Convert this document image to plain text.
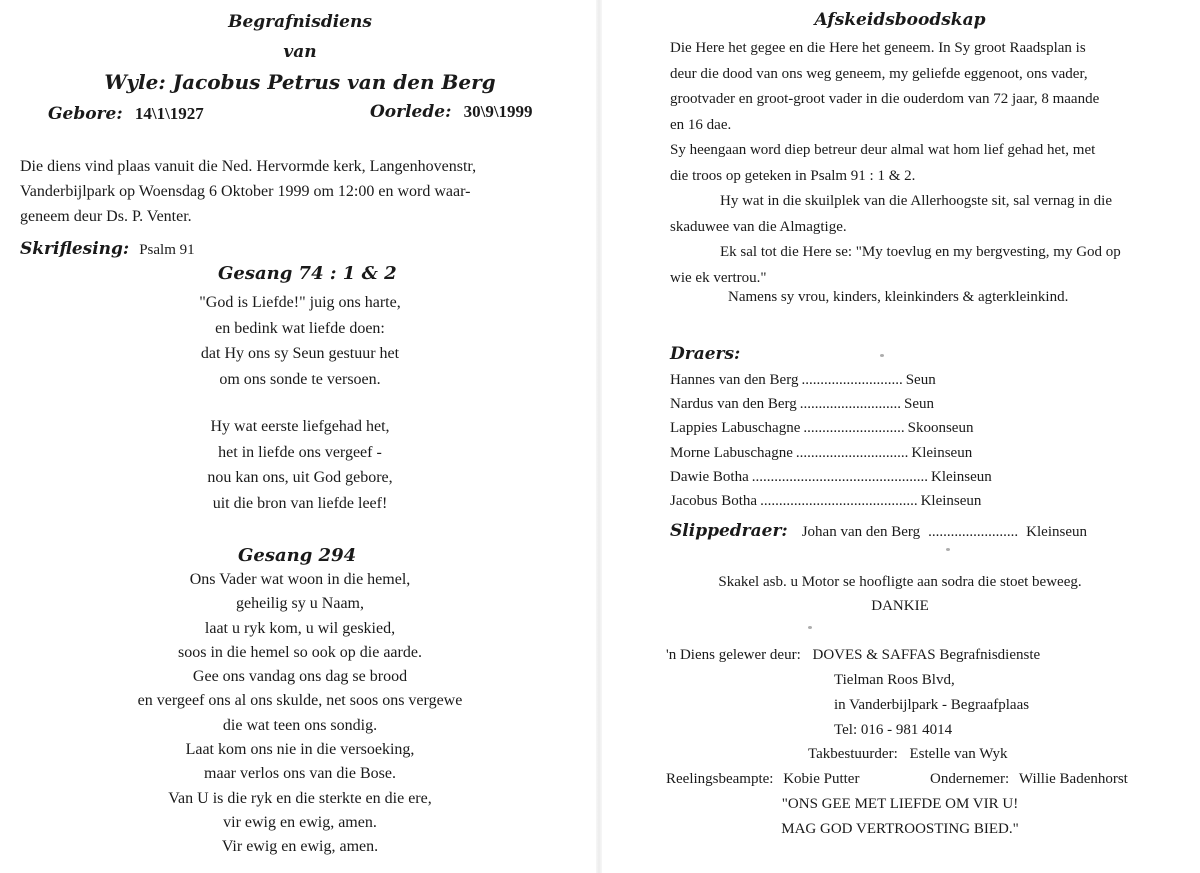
Begrafnisdiens
van
Wyle: Jacobus Petrus van den Berg
Gebore: 14\1\1927	Oorlede: 30\9\1999
Die diens vind plaas vanuit die Ned. Hervormde kerk, Langenhovenstr,
Vanderbijlpark op Woensdag 6 Oktober 1999 om 12:00 en word waar-
geneem deur Ds. P. Venter.
Skriflesing: Psalm 91
Gesang 74 : 1 & 2
"God is Liefde!" juig ons harte,
en bedink wat liefde doen:
dat Hy ons sy Seun gestuur het
om ons sonde te versoen.
Hy wat eerste liefgehad het,
het in liefde ons vergeef -
nou kan ons, uit God gebore,
uit die bron van liefde leef!
Gesang 294
Ons Vader wat woon in die hemel,
geheilig sy u Naam,
laat u ryk kom, u wil geskied,
soos in die hemel so ook op die aarde.
Gee ons vandag ons dag se brood
en vergeef ons al ons skulde, net soos ons vergewe
die wat teen ons sondig.
Laat kom ons nie in die versoeking,
maar verlos ons van die Bose.
Van U is die ryk en die sterkte en die ere,
vir ewig en ewig, amen.
Vir ewig en ewig, amen.
Afskeidsboodskap
Die Here het gegee en die Here het geneem. In Sy groot Raadsplan is
deur die dood van ons weg geneem, my geliefde eggenoot, ons vader,
grootvader en groot-groot vader in die ouderdom van 72 jaar, 8 maande
en 16 dae.
Sy heengaan word diep betreur deur almal wat hom lief gehad het, met
die troos op geteken in Psalm 91 : 1 & 2.
Hy wat in die skuilplek van die Allerhoogste sit, sal vernag in die
skaduwee van die Almagtige.
Ek sal tot die Here se: "My toevlug en my bergvesting, my God op
wie ek vertrou."
Namens sy vrou, kinders, kleinkinders & agterkleinkind.
Draers:
Hannes van den Berg ........................... Seun
Nardus van den Berg ........................... Seun
Lappies Labuschagne ........................... Skoonseun
Morne Labuschagne .............................. Kleinseun
Dawie Botha ............................................... Kleinseun
Jacobus Botha .......................................... Kleinseun
Slippedraer: Johan van den Berg ........................ Kleinseun
Skakel asb. u Motor se hoofligte aan sodra die stoet beweeg.
DANKIE
'n Diens gelewer deur: DOVES & SAFFAS Begrafnisdienste
Tielman Roos Blvd,
in Vanderbijlpark - Begraafplaas
Tel: 016 - 981 4014
Takbestuurder: Estelle van Wyk
Reelingsbeampte: Kobie Putter	Ondernemer: Willie Badenhorst
"ONS GEE MET LIEFDE OM VIR U!
MAG GOD VERTROOSTING BIED."
